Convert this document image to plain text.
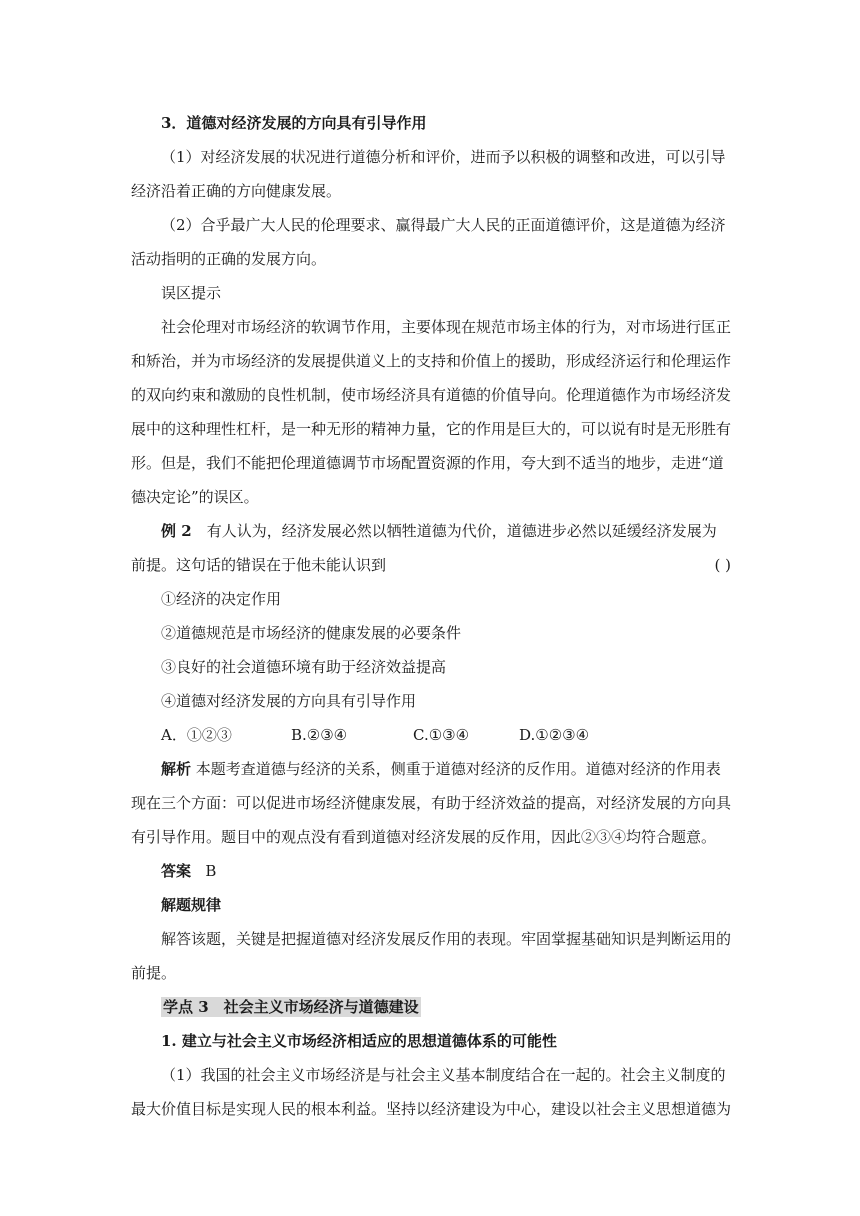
3．道德对经济发展的方向具有引导作用

（1）对经济发展的状况进行道德分析和评价，进而予以积极的调整和改进，可以引导经济沿着正确的方向健康发展。

（2）合乎最广大人民的伦理要求、赢得最广大人民的正面道德评价，这是道德为经济活动指明的正确的发展方向。

误区提示

社会伦理对市场经济的软调节作用，主要体现在规范市场主体的行为，对市场进行匡正和矫治，并为市场经济的发展提供道义上的支持和价值上的援助，形成经济运行和伦理运作的双向约束和激励的良性机制，使市场经济具有道德的价值导向。伦理道德作为市场经济发展中的这种理性杠杆，是一种无形的精神力量，它的作用是巨大的，可以说有时是无形胜有形。但是，我们不能把伦理道德调节市场配置资源的作用，夸大到不适当的地步，走进“道德决定论”的误区。

例 2　 有人认为，经济发展必然以牺牲道德为代价，道德进步必然以延缓经济发展为前提。这句话的错误在于他未能认识到	( )

①经济的决定作用

②道德规范是市场经济的健康发展的必要条件

③良好的社会道德环境有助于经济效益提高

④道德对经济发展的方向具有引导作用

A．①②③	B.②③④	C.①③④	D.①②③④

解析 本题考查道德与经济的关系，侧重于道德对经济的反作用。道德对经济的作用表现在三个方面：可以促进市场经济健康发展，有助于经济效益的提高，对经济发展的方向具有引导作用。题目中的观点没有看到道德对经济发展的反作用，因此②③④均符合题意。

答案 B

解题规律

解答该题，关键是把握道德对经济发展反作用的表现。牢固掌握基础知识是判断运用的前提。

学点 3　社会主义市场经济与道德建设

1. 建立与社会主义市场经济相适应的思想道德体系的可能性

（1）我国的社会主义市场经济是与社会主义基本制度结合在一起的。社会主义制度的最大价值目标是实现人民的根本利益。坚持以经济建设为中心，建设以社会主义思想道德为
